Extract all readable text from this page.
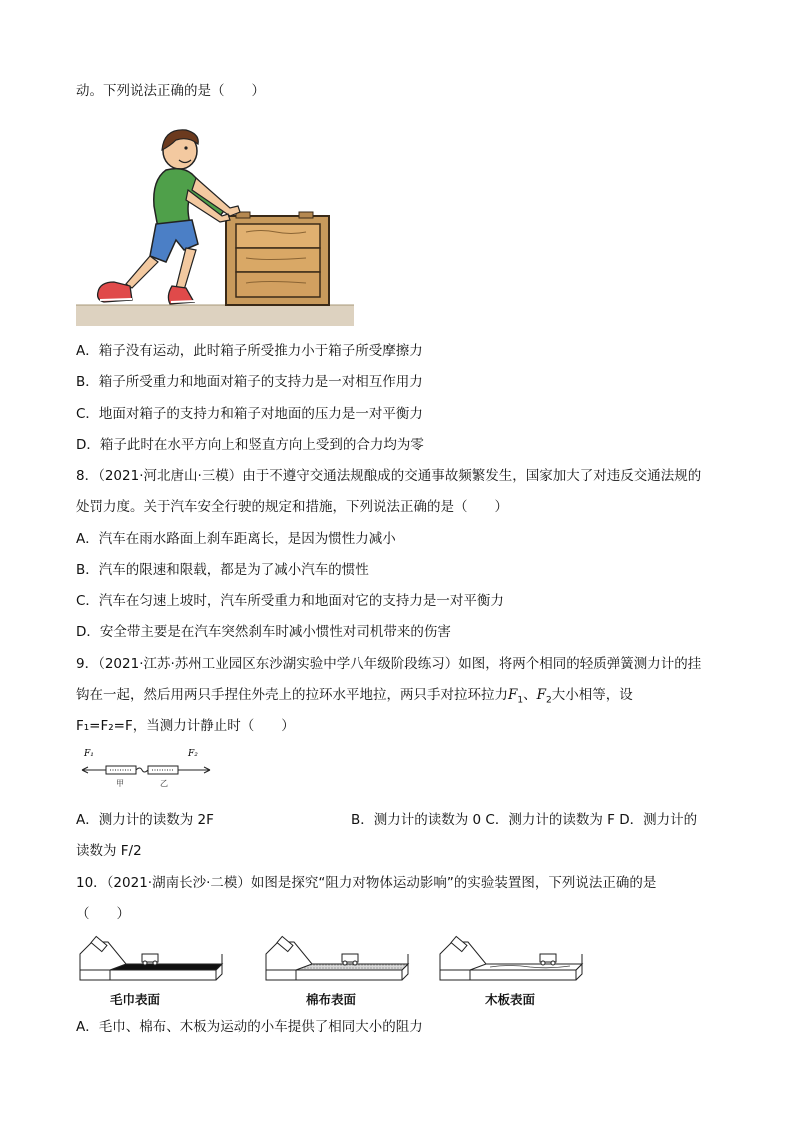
动。下列说法正确的是（　　）
A．箱子没有运动，此时箱子所受推力小于箱子所受摩擦力
B．箱子所受重力和地面对箱子的支持力是一对相互作用力
C．地面对箱子的支持力和箱子对地面的压力是一对平衡力
D．箱子此时在水平方向上和竖直方向上受到的合力均为零
8．（2021·河北唐山·三模）由于不遵守交通法规酿成的交通事故频繁发生，国家加大了对违反交通法规的
处罚力度。关于汽车安全行驶的规定和措施，下列说法正确的是（　　）
A．汽车在雨水路面上刹车距离长，是因为惯性力减小
B．汽车的限速和限载，都是为了减小汽车的惯性
C．汽车在匀速上坡时，汽车所受重力和地面对它的支持力是一对平衡力
D．安全带主要是在汽车突然刹车时减小惯性对司机带来的伤害
9．（2021·江苏·苏州工业园区东沙湖实验中学八年级阶段练习）如图，将两个相同的轻质弹簧测力计的挂
钩在一起，然后用两只手捏住外壳上的拉环水平地拉，两只手对拉环拉力$F_1$、$F_2$大小相等，设
F₁=F₂=F，当测力计静止时（　　）
F₁	F₂
甲	乙
A．测力计的读数为 2F	B．测力计的读数为 0 C．测力计的读数为 F D．测力计的
读数为 F/2
10．（2021·湖南长沙·二模）如图是探究“阻力对物体运动影响”的实验装置图，下列说法正确的是
（　　）
毛巾表面	棉布表面	木板表面
A．毛巾、棉布、木板为运动的小车提供了相同大小的阻力
